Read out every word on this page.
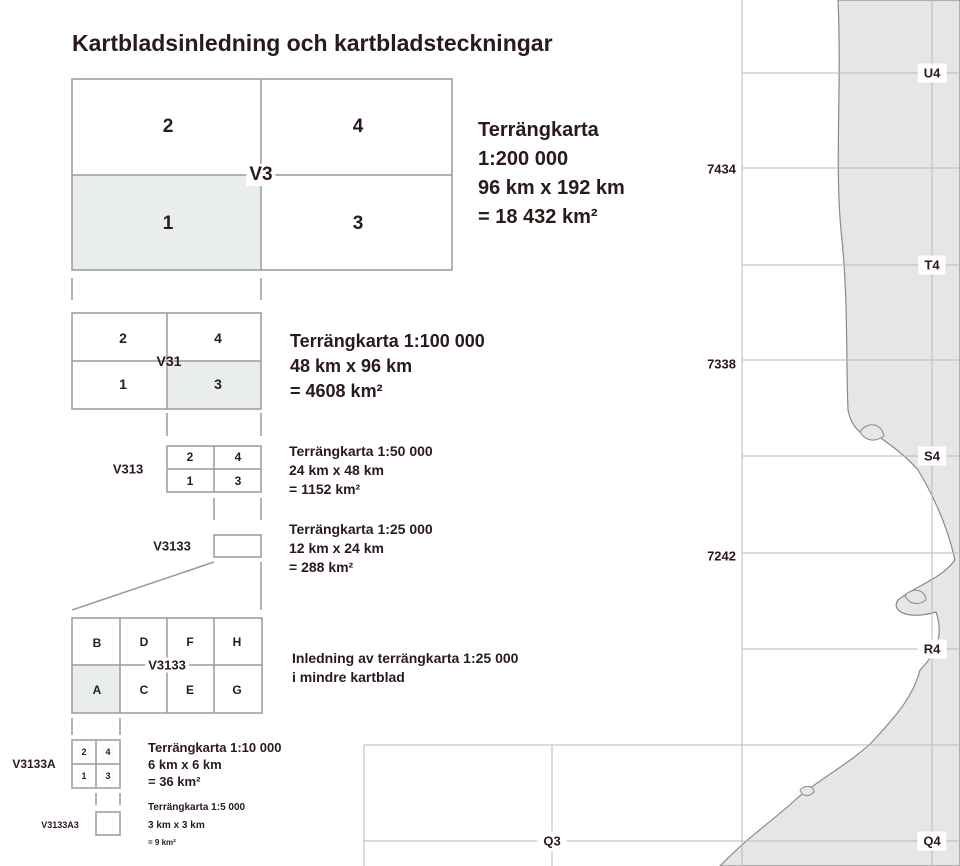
Kartbladsinledning och kartbladsteckningar
2	4
1	3
V3
Terrängkarta
1:200 000
96 km x 192 km
= 18 432 km²
2	4
1	3
V31
Terrängkarta 1:100 000
48 km x 96 km
= 4608 km²
V313
2	4
1	3
Terrängkarta 1:50 000
24 km x 48 km
= 1152 km²
V3133
Terrängkarta 1:25 000
12 km x 24 km
= 288 km²
B	D	F	H
A	C	E	G
V3133	Inledning av terrängkarta 1:25 000
i mindre kartblad
V3133A
2 4
1 3
Terrängkarta 1:10 000
6 km x 6 km
= 36 km²
V3133A3
Terrängkarta 1:5 000
3 km x 3 km
= 9 km²
U4
T4
S4
R4
Q3	Q4
7434
7338
7242
